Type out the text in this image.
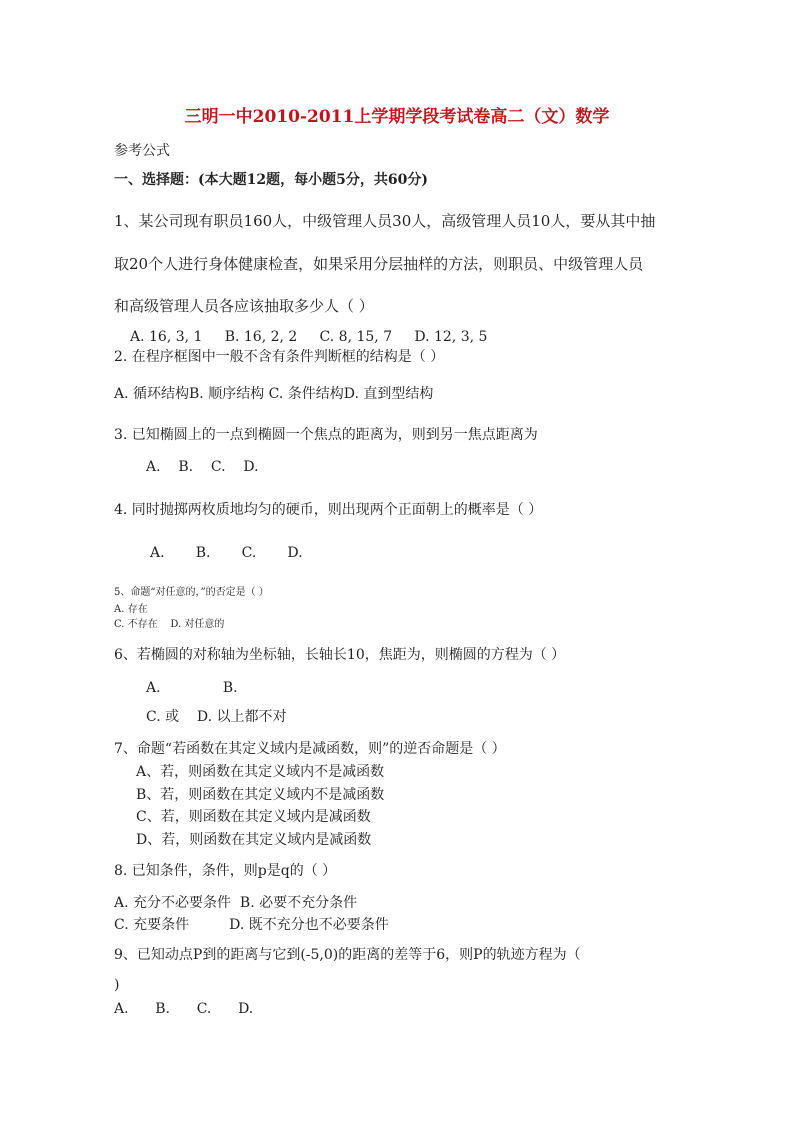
三明一中2010-2011上学期学段考试卷高二（文）数学
参考公式
一、选择题：(本大题12题，每小题5分，共60分)
1、某公司现有职员160人，中级管理人员30人，高级管理人员10人，要从其中抽
取20个人进行身体健康检查，如果采用分层抽样的方法，则职员、中级管理人员
和高级管理人员各应该抽取多少人（ ）
A. 16, 3, 1     B. 16, 2, 2     C. 8, 15, 7     D. 12, 3, 5
2. 在程序框图中一般不含有条件判断框的结构是（ ）
A. 循环结构B. 顺序结构 C. 条件结构D. 直到型结构
3. 已知椭圆上的一点到椭圆一个焦点的距离为，则到另一焦点距离为
A.    B.    C.    D.
4. 同时抛掷两枚质地均匀的硬币，则出现两个正面朝上的概率是（ ）
A.       B.       C.       D.
5、命题“对任意的，”的否定是（ ）
A. 存在
C. 不存在    D. 对任意的
6、若椭圆的对称轴为坐标轴，长轴长10，焦距为，则椭圆的方程为（ ）
A.              B.
C. 或    D. 以上都不对
7、命题“若函数在其定义域内是减函数，则”的逆否命题是（ ）
A、若，则函数在其定义域内不是减函数
B、若，则函数在其定义域内不是减函数
C、若，则函数在其定义域内是减函数
D、若，则函数在其定义域内是减函数
8. 已知条件，条件，则p是q的（ ）
A. 充分不必要条件  B. 必要不充分条件
C. 充要条件         D. 既不充分也不必要条件
9、已知动点P到的距离与它到(-5,0)的距离的差等于6，则P的轨迹方程为（
)
A.      B.      C.      D.
